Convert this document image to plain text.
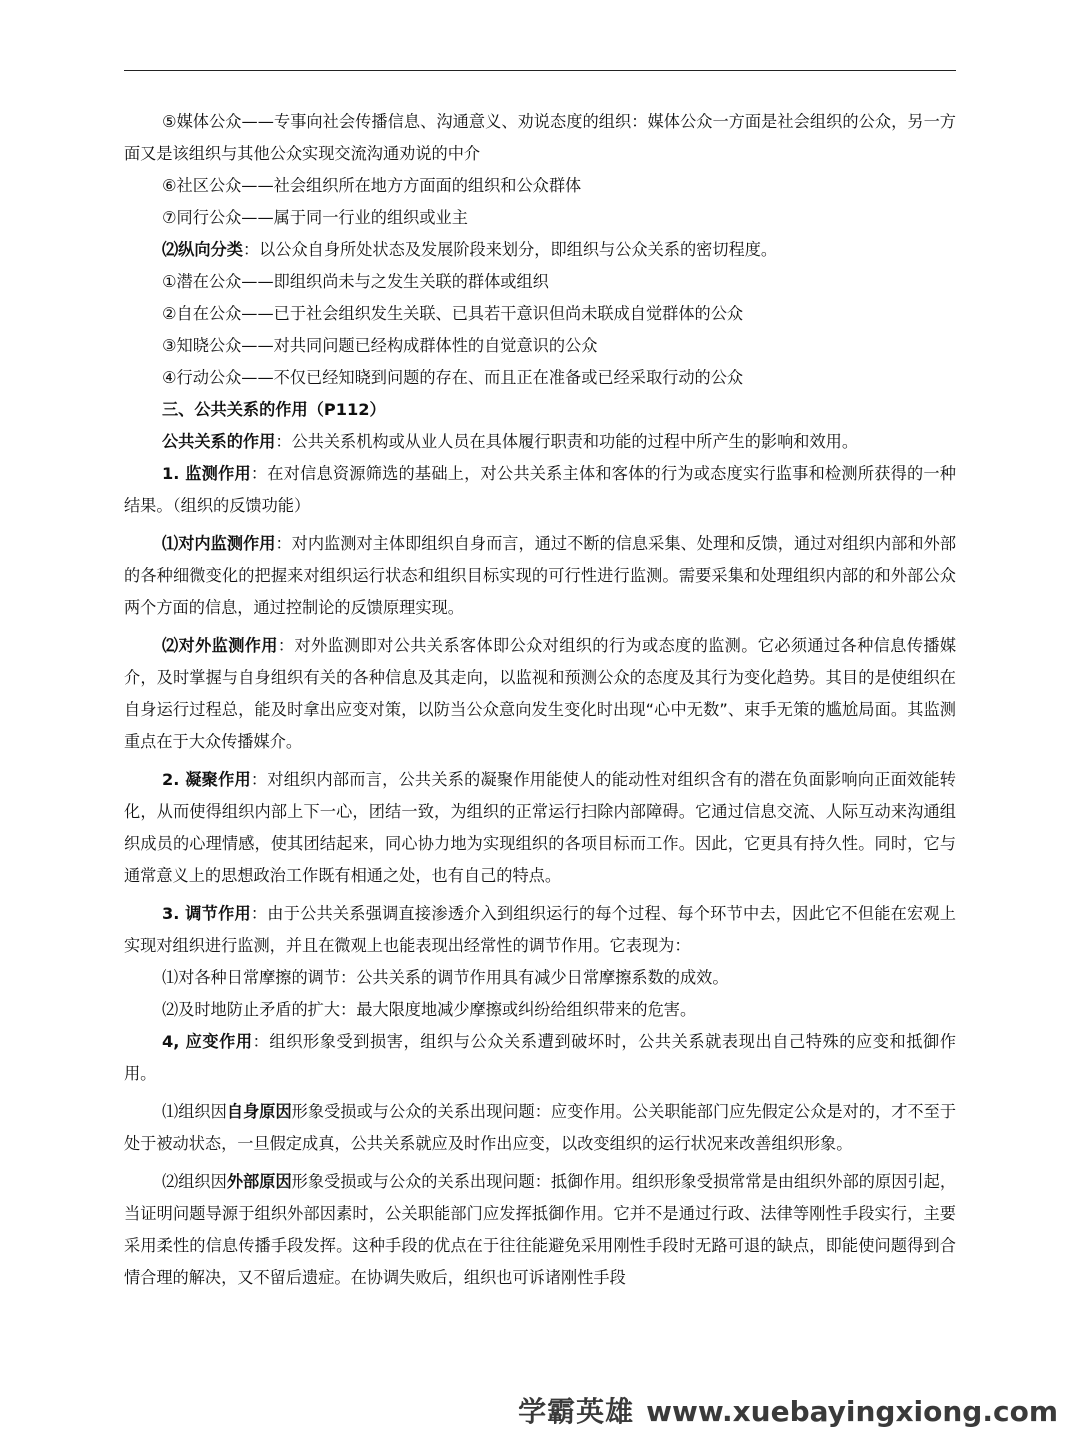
⑤媒体公众——专事向社会传播信息、沟通意义、劝说态度的组织：媒体公众一方面是社会组织的公众，另一方面又是该组织与其他公众实现交流沟通劝说的中介

⑥社区公众——社会组织所在地方方面面的组织和公众群体

⑦同行公众——属于同一行业的组织或业主

⑵纵向分类：以公众自身所处状态及发展阶段来划分，即组织与公众关系的密切程度。

①潜在公众——即组织尚未与之发生关联的群体或组织

②自在公众——已于社会组织发生关联、已具若干意识但尚未联成自觉群体的公众

③知晓公众——对共同问题已经构成群体性的自觉意识的公众

④行动公众——不仅已经知晓到问题的存在、而且正在准备或已经采取行动的公众

三、公共关系的作用（P112）

公共关系的作用：公共关系机构或从业人员在具体履行职责和功能的过程中所产生的影响和效用。

1. 监测作用：在对信息资源筛选的基础上，对公共关系主体和客体的行为或态度实行监事和检测所获得的一种结果。（组织的反馈功能）

⑴对内监测作用：对内监测对主体即组织自身而言，通过不断的信息采集、处理和反馈，通过对组织内部和外部的各种细微变化的把握来对组织运行状态和组织目标实现的可行性进行监测。需要采集和处理组织内部的和外部公众两个方面的信息，通过控制论的反馈原理实现。

⑵对外监测作用：对外监测即对公共关系客体即公众对组织的行为或态度的监测。它必须通过各种信息传播媒介，及时掌握与自身组织有关的各种信息及其走向，以监视和预测公众的态度及其行为变化趋势。其目的是使组织在自身运行过程总，能及时拿出应变对策，以防当公众意向发生变化时出现“心中无数”、束手无策的尴尬局面。其监测重点在于大众传播媒介。

2. 凝聚作用：对组织内部而言，公共关系的凝聚作用能使人的能动性对组织含有的潜在负面影响向正面效能转化，从而使得组织内部上下一心，团结一致，为组织的正常运行扫除内部障碍。它通过信息交流、人际互动来沟通组织成员的心理情感，使其团结起来，同心协力地为实现组织的各项目标而工作。因此，它更具有持久性。同时，它与通常意义上的思想政治工作既有相通之处，也有自己的特点。

3. 调节作用：由于公共关系强调直接渗透介入到组织运行的每个过程、每个环节中去，因此它不但能在宏观上实现对组织进行监测，并且在微观上也能表现出经常性的调节作用。它表现为：

⑴对各种日常摩擦的调节：公共关系的调节作用具有减少日常摩擦系数的成效。

⑵及时地防止矛盾的扩大：最大限度地减少摩擦或纠纷给组织带来的危害。

4, 应变作用：组织形象受到损害，组织与公众关系遭到破坏时，公共关系就表现出自己特殊的应变和抵御作用。

⑴组织因自身原因形象受损或与公众的关系出现问题：应变作用。公关职能部门应先假定公众是对的，才不至于处于被动状态，一旦假定成真，公共关系就应及时作出应变，以改变组织的运行状况来改善组织形象。

⑵组织因外部原因形象受损或与公众的关系出现问题：抵御作用。组织形象受损常常是由组织外部的原因引起，当证明问题导源于组织外部因素时，公关职能部门应发挥抵御作用。它并不是通过行政、法律等刚性手段实行，主要采用柔性的信息传播手段发挥。这种手段的优点在于往往能避免采用刚性手段时无路可退的缺点，即能使问题得到合情合理的解决，又不留后遗症。在协调失败后，组织也可诉诸刚性手段

学霸英雄 www.xuebayingxiong.com
